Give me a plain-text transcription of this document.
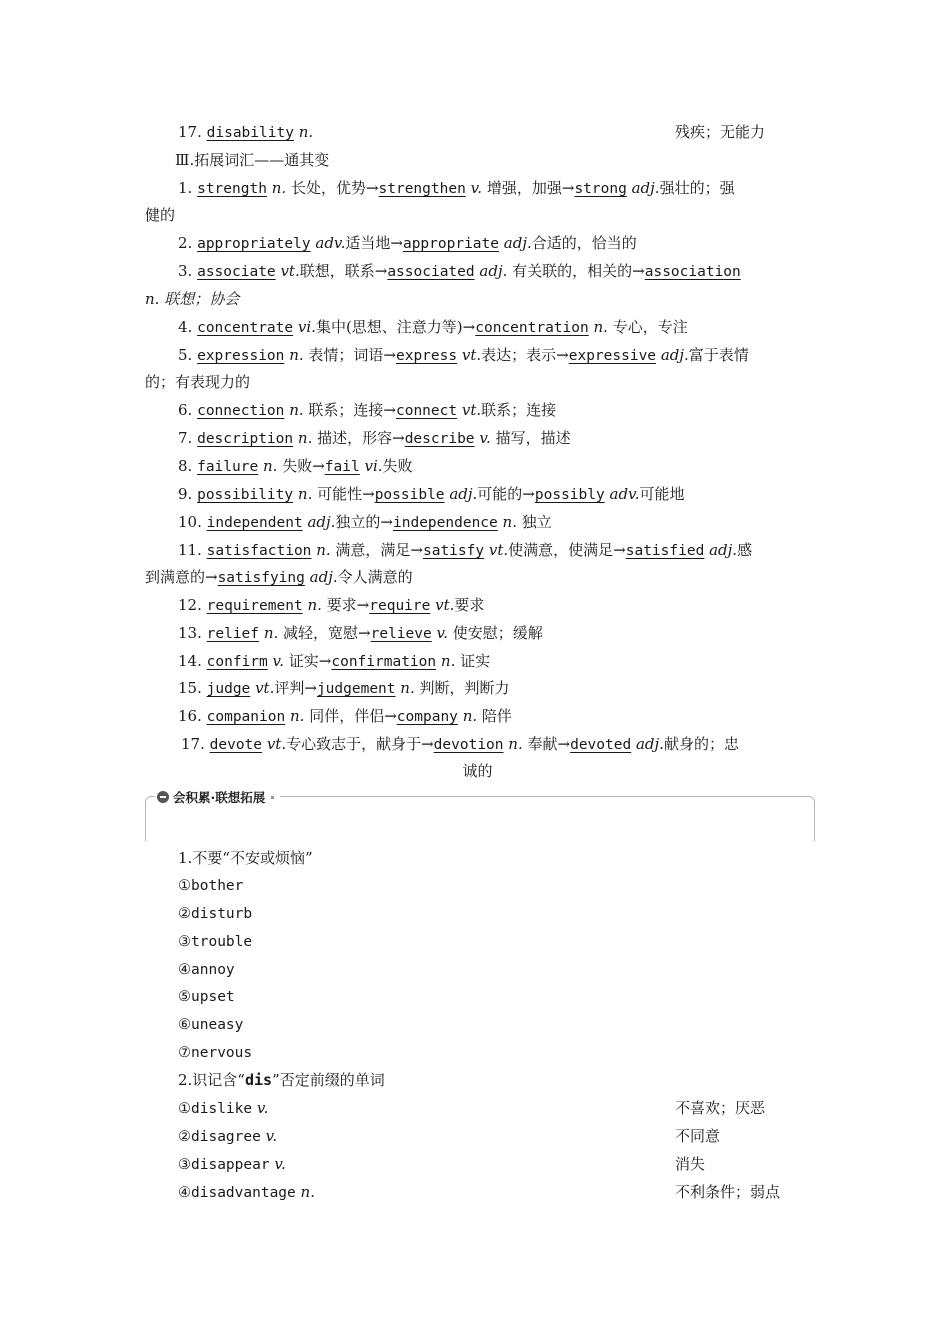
17. disability n.	残疾；无能力
Ⅲ.拓展词汇——通其变
1. strength n. 长处，优势→strengthen v. 增强，加强→strong adj.强壮的；强
健的
2. appropriately adv.适当地→appropriate adj.合适的，恰当的
3. associate vt.联想，联系→associated adj. 有关联的，相关的→association
n. 联想；协会
4. concentrate vi.集中(思想、注意力等)→concentration n. 专心，专注
5. expression n. 表情；词语→express vt.表达；表示→expressive adj.富于表情
的；有表现力的
6. connection n. 联系；连接→connect vt.联系；连接
7. description n. 描述，形容→describe v. 描写，描述
8. failure n. 失败→fail vi.失败
9. possibility n. 可能性→possible adj.可能的→possibly adv.可能地
10. independent adj.独立的→independence n. 独立
11. satisfaction n. 满意，满足→satisfy vt.使满意，使满足→satisfied adj.感
到满意的→satisfying adj.令人满意的
12. requirement n. 要求→require vt.要求
13. relief n. 减轻，宽慰→relieve v. 使安慰；缓解
14. confirm v. 证实→confirmation n. 证实
15. judge vt.评判→judgement n. 判断，判断力
16. companion n. 同伴，伴侣→company n. 陪伴
17. devote vt.专心致志于，献身于→devotion n. 奉献→devoted adj.献身的；忠
诚的
会积累·联想拓展
1.不要“不安或烦恼”
①bother
②disturb
③trouble
④annoy
⑤upset
⑥uneasy
⑦nervous
2.识记含“dis”否定前缀的单词
①dislike v.	不喜欢；厌恶
②disagree v.	不同意
③disappear v.	消失
④disadvantage n.	不利条件；弱点
